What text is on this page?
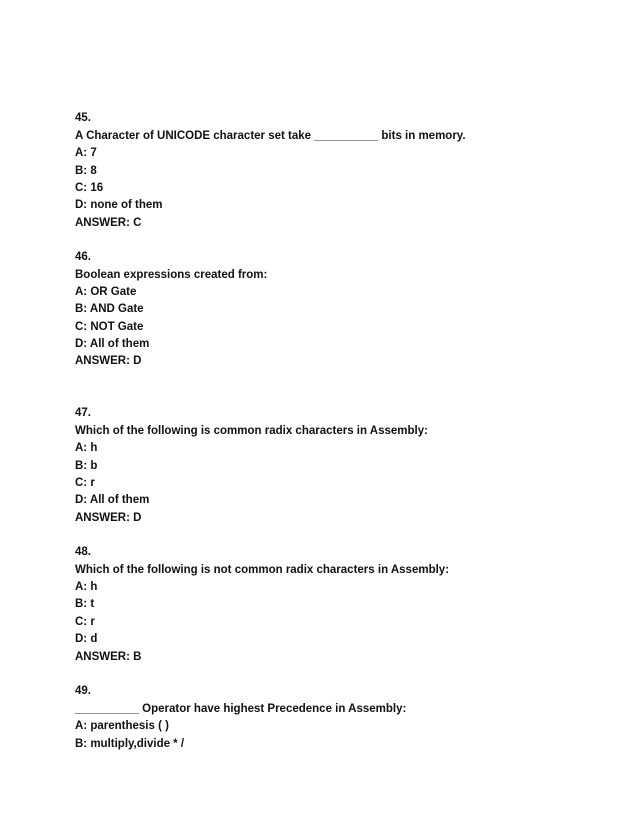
45.
A Character of UNICODE character set take __________ bits in memory.
A: 7
B: 8
C: 16
D: none of them
ANSWER: C
46.
Boolean expressions created from:
A: OR Gate
B: AND Gate
C: NOT Gate
D: All of them
ANSWER: D
47.
Which of the following is common radix characters in Assembly:
A: h
B: b
C: r
D: All of them
ANSWER: D
48.
Which of the following is not common radix characters in Assembly:
A: h
B: t
C: r
D: d
ANSWER: B
49.
__________ Operator have highest Precedence in Assembly:
A: parenthesis ( )
B: multiply,divide * /
